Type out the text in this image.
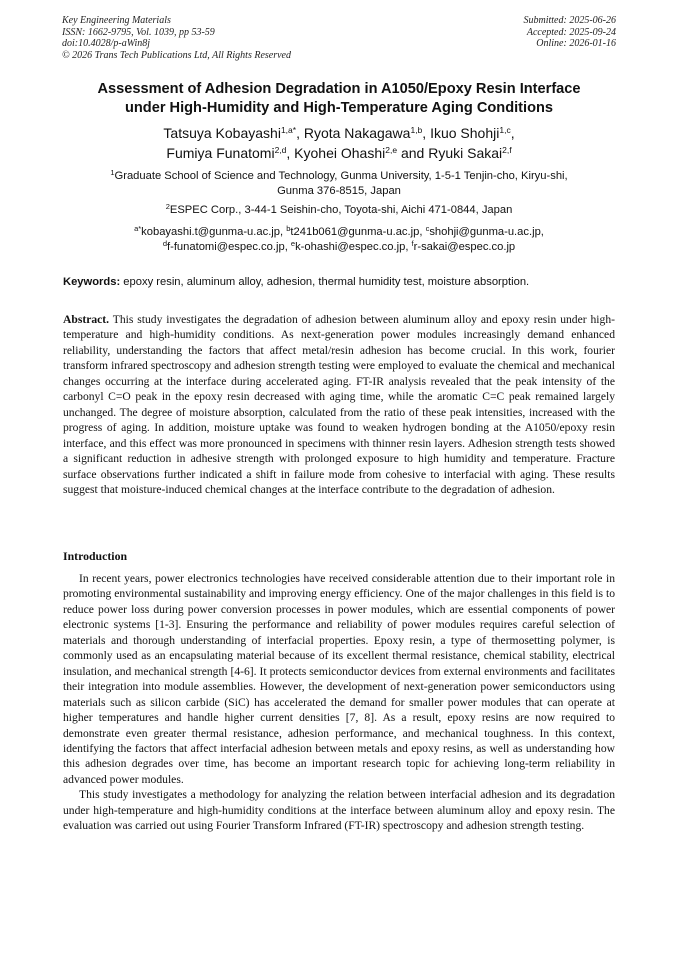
Key Engineering Materials
ISSN: 1662-9795, Vol. 1039, pp 53-59
doi:10.4028/p-aWin8j
© 2026 Trans Tech Publications Ltd, All Rights Reserved
Submitted: 2025-06-26
Accepted: 2025-09-24
Online: 2026-01-16
Assessment of Adhesion Degradation in A1050/Epoxy Resin Interface
under High-Humidity and High-Temperature Aging Conditions
Tatsuya Kobayashi$^{1,a*}$, Ryota Nakagawa$^{1,b}$, Ikuo Shohji$^{1,c}$,
Fumiya Funatomi$^{2,d}$, Kyohei Ohashi$^{2,e}$ and Ryuki Sakai$^{2,f}$
$^1$Graduate School of Science and Technology, Gunma University, 1-5-1 Tenjin-cho, Kiryu-shi,
Gunma 376-8515, Japan
$^2$ESPEC Corp., 3-44-1 Seishin-cho, Toyota-shi, Aichi 471-0844, Japan
$^{a*}$kobayashi.t@gunma-u.ac.jp, $^b$t241b061@gunma-u.ac.jp, $^c$shohji@gunma-u.ac.jp,
$^d$f-funatomi@espec.co.jp, $^e$k-ohashi@espec.co.jp, $^f$r-sakai@espec.co.jp
Keywords: epoxy resin, aluminum alloy, adhesion, thermal humidity test, moisture absorption.
Abstract. This study investigates the degradation of adhesion between aluminum alloy and epoxy resin under high-temperature and high-humidity conditions. As next-generation power modules increasingly demand enhanced reliability, understanding the factors that affect metal/resin adhesion has become crucial. In this work, fourier transform infrared spectroscopy and adhesion strength testing were employed to evaluate the chemical and mechanical changes occurring at the interface during accelerated aging. FT-IR analysis revealed that the peak intensity of the carbonyl C=O peak in the epoxy resin decreased with aging time, while the aromatic C=C peak remained largely unchanged. The degree of moisture absorption, calculated from the ratio of these peak intensities, increased with the progress of aging. In addition, moisture uptake was found to weaken hydrogen bonding at the A1050/epoxy resin interface, and this effect was more pronounced in specimens with thinner resin layers. Adhesion strength tests showed a significant reduction in adhesive strength with prolonged exposure to high humidity and temperature. Fracture surface observations further indicated a shift in failure mode from cohesive to interfacial with aging. These results suggest that moisture-induced chemical changes at the interface contribute to the degradation of adhesion.
Introduction

In recent years, power electronics technologies have received considerable attention due to their important role in promoting environmental sustainability and improving energy efficiency. One of the major challenges in this field is to reduce power loss during power conversion processes in power modules, which are essential components of power electronic systems [1-3]. Ensuring the performance and reliability of power modules requires careful selection of materials and thorough understanding of interfacial properties. Epoxy resin, a type of thermosetting polymer, is commonly used as an encapsulating material because of its excellent thermal resistance, chemical stability, electrical insulation, and mechanical strength [4-6]. It protects semiconductor devices from external environments and facilitates their integration into module assemblies. However, the development of next-generation power semiconductors using materials such as silicon carbide (SiC) has accelerated the demand for smaller power modules that can operate at higher temperatures and handle higher current densities [7, 8]. As a result, epoxy resins are now required to demonstrate even greater thermal resistance, adhesion performance, and mechanical toughness. In this context, identifying the factors that affect interfacial adhesion between metals and epoxy resins, as well as understanding how this adhesion degrades over time, has become an important research topic for achieving long-term reliability in advanced power modules.

This study investigates a methodology for analyzing the relation between interfacial adhesion and its degradation under high-temperature and high-humidity conditions at the interface between aluminum alloy and epoxy resin. The evaluation was carried out using Fourier Transform Infrared (FT-IR) spectroscopy and adhesion strength testing.
